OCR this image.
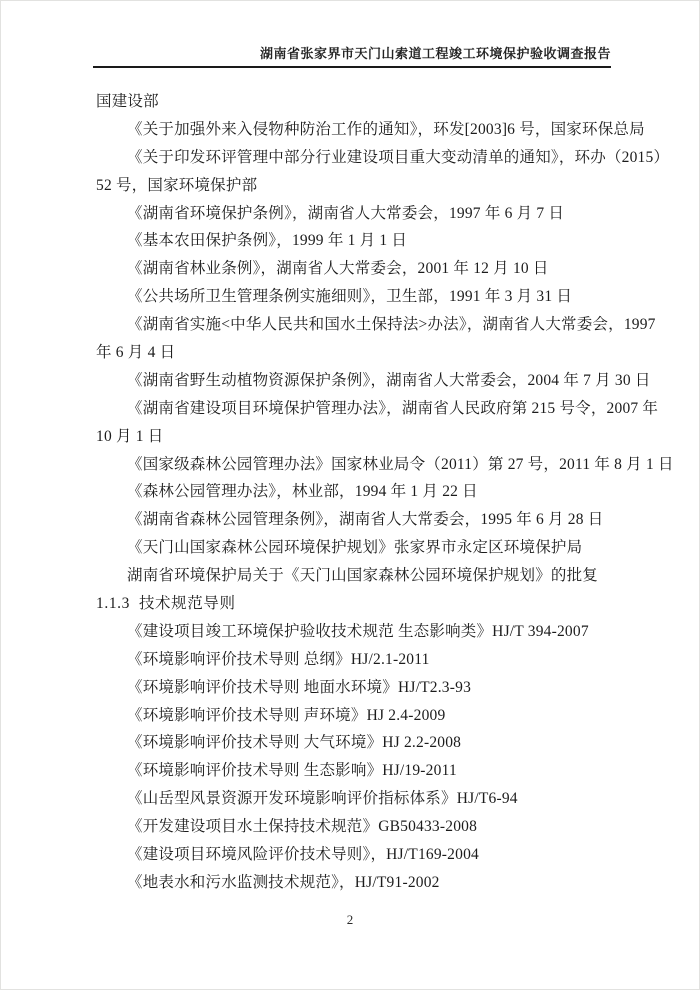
湖南省张家界市天门山索道工程竣工环境保护验收调查报告
国建设部
《关于加强外来入侵物种防治工作的通知》，环发[2003]6 号，国家环保总局
《关于印发环评管理中部分行业建设项目重大变动清单的通知》，环办（2015）
52 号，国家环境保护部
《湖南省环境保护条例》，湖南省人大常委会，1997 年 6 月 7 日
《基本农田保护条例》，1999 年 1 月 1 日
《湖南省林业条例》，湖南省人大常委会，2001 年 12 月 10 日
《公共场所卫生管理条例实施细则》，卫生部，1991 年 3 月 31 日
《湖南省实施<中华人民共和国水土保持法>办法》，湖南省人大常委会，1997
年 6 月 4 日
《湖南省野生动植物资源保护条例》，湖南省人大常委会，2004 年 7 月 30 日
《湖南省建设项目环境保护管理办法》，湖南省人民政府第 215 号令，2007 年
10 月 1 日
《国家级森林公园管理办法》国家林业局令（2011）第 27 号，2011 年 8 月 1 日
《森林公园管理办法》，林业部，1994 年 1 月 22 日
《湖南省森林公园管理条例》，湖南省人大常委会，1995 年 6 月 28 日
《天门山国家森林公园环境保护规划》张家界市永定区环境保护局
湖南省环境保护局关于《天门山国家森林公园环境保护规划》的批复
1.1.3  技术规范导则
《建设项目竣工环境保护验收技术规范 生态影响类》HJ/T 394-2007
《环境影响评价技术导则 总纲》HJ/2.1-2011
《环境影响评价技术导则 地面水环境》HJ/T2.3-93
《环境影响评价技术导则 声环境》HJ 2.4-2009
《环境影响评价技术导则 大气环境》HJ 2.2-2008
《环境影响评价技术导则 生态影响》HJ/19-2011
《山岳型风景资源开发环境影响评价指标体系》HJ/T6-94
《开发建设项目水土保持技术规范》GB50433-2008
《建设项目环境风险评价技术导则》，HJ/T169-2004
《地表水和污水监测技术规范》，HJ/T91-2002
2
